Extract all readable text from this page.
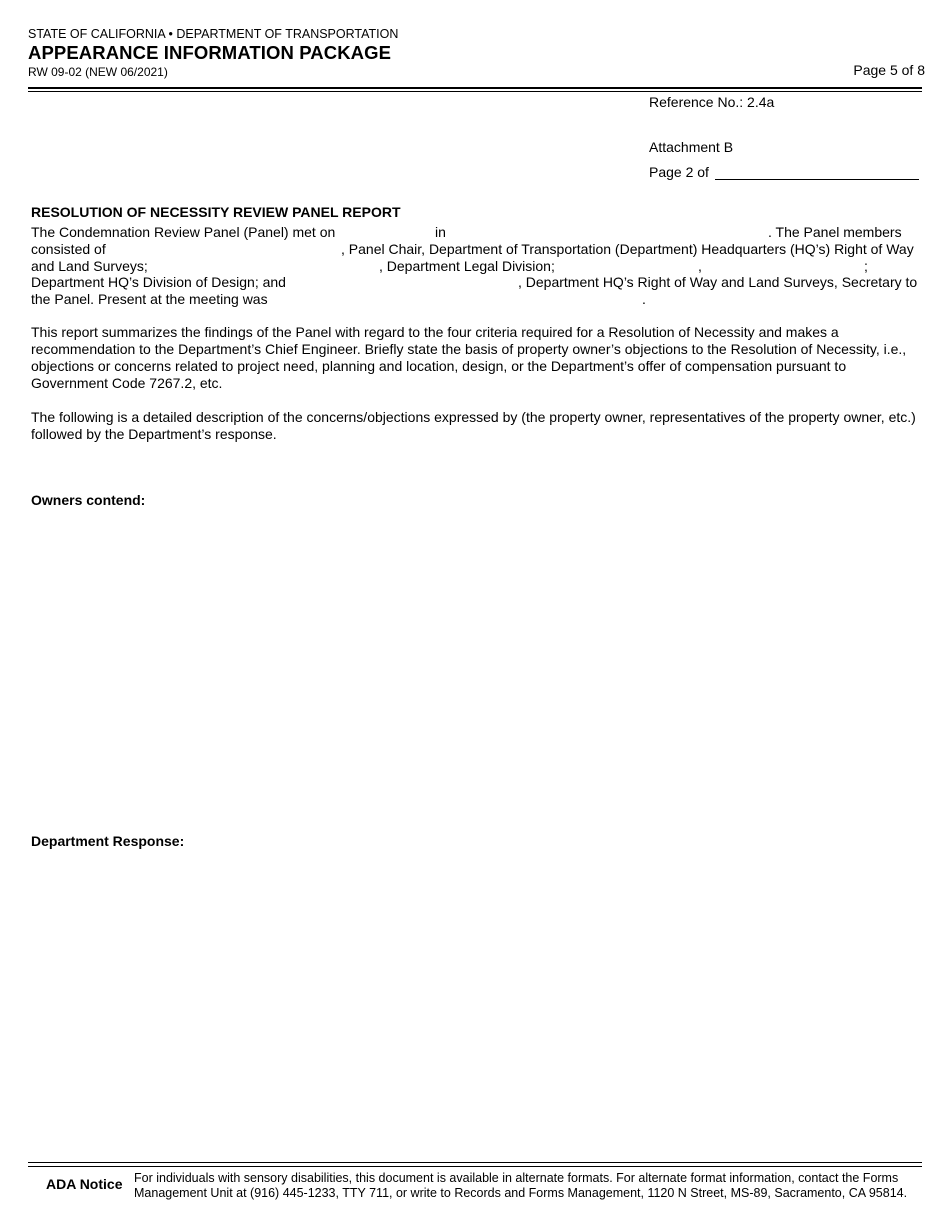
STATE OF CALIFORNIA • DEPARTMENT OF TRANSPORTATION
APPEARANCE INFORMATION PACKAGE
RW 09-02 (NEW 06/2021)	Page 5 of 8
Reference No.: 2.4a
Attachment B
Page 2 of
RESOLUTION OF NECESSITY REVIEW PANEL REPORT
The Condemnation Review Panel (Panel) met on	in	. The Panel members
consisted of	, Panel Chair, Department of Transportation (Department) Headquarters (HQ’s) Right of Way
and Land Surveys;	, Department Legal Division;	,	;
Department HQ’s Division of Design; and	, Department HQ’s Right of Way and Land Surveys, Secretary to
the Panel. Present at the meeting was	.
This report summarizes the findings of the Panel with regard to the four criteria required for a Resolution of Necessity and makes a recommendation to the Department’s Chief Engineer. Briefly state the basis of property owner’s objections to the Resolution of Necessity, i.e., objections or concerns related to project need, planning and location, design, or the Department’s offer of compensation pursuant to Government Code 7267.2, etc.
The following is a detailed description of the concerns/objections expressed by (the property owner, representatives of the property owner, etc.) followed by the Department’s response.
Owners contend:
Department Response:
ADA Notice For individuals with sensory disabilities, this document is available in alternate formats. For alternate format information, contact the Forms Management Unit at (916) 445-1233, TTY 711, or write to Records and Forms Management, 1120 N Street, MS-89, Sacramento, CA 95814.
